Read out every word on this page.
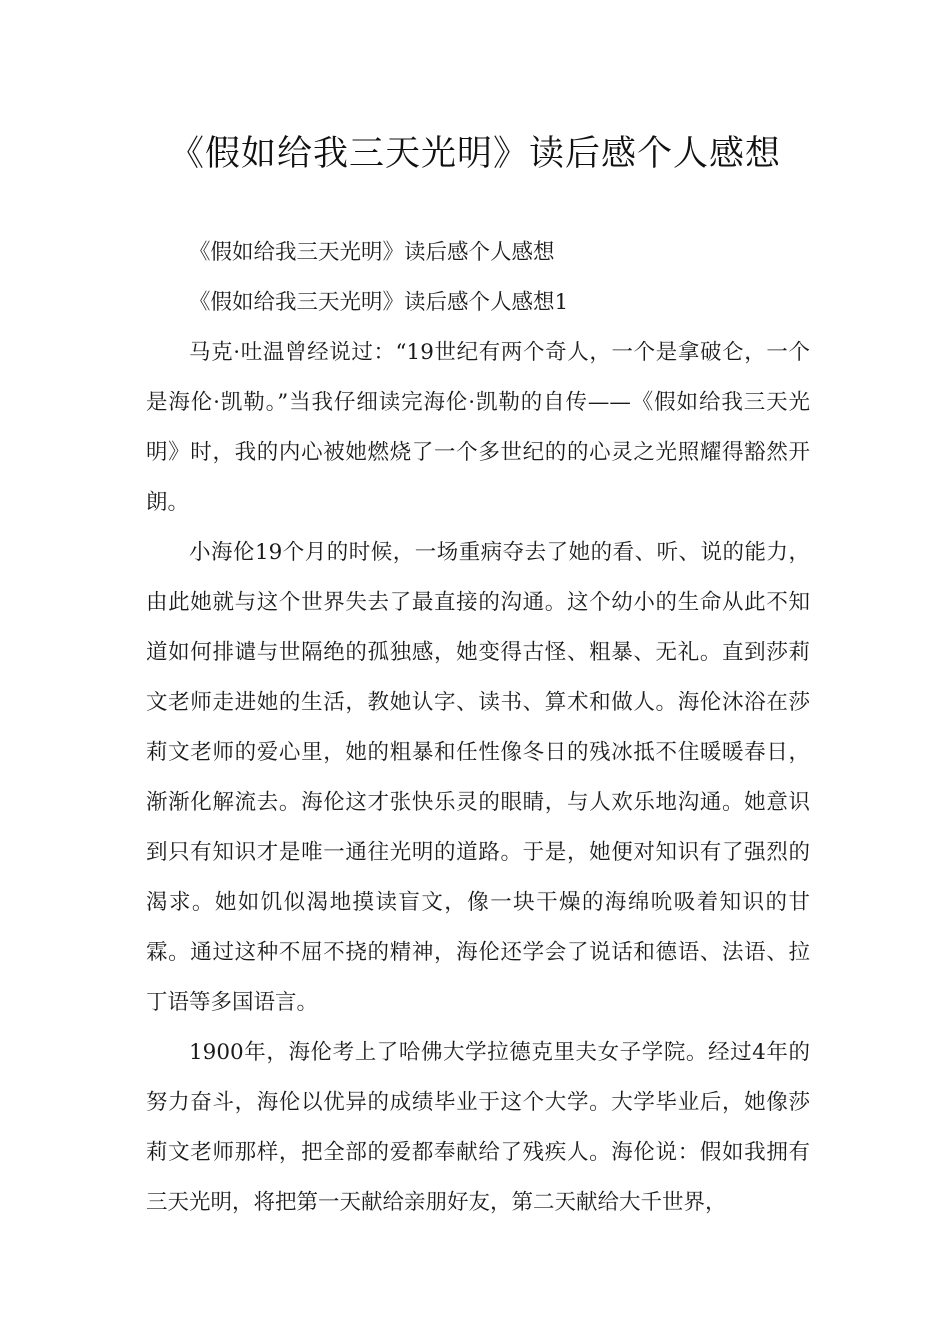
《假如给我三天光明》读后感个人感想

《假如给我三天光明》读后感个人感想

《假如给我三天光明》读后感个人感想1

马克·吐温曾经说过：“19世纪有两个奇人，一个是拿破仑，一个是海伦·凯勒。”当我仔细读完海伦·凯勒的自传——《假如给我三天光明》时，我的内心被她燃烧了一个多世纪的的心灵之光照耀得豁然开朗。

小海伦19个月的时候，一场重病夺去了她的看、听、说的能力，由此她就与这个世界失去了最直接的沟通。这个幼小的生命从此不知道如何排谴与世隔绝的孤独感，她变得古怪、粗暴、无礼。直到莎莉文老师走进她的生活，教她认字、读书、算术和做人。海伦沐浴在莎莉文老师的爱心里，她的粗暴和任性像冬日的残冰抵不住暖暖春日，渐渐化解流去。海伦这才张快乐灵的眼睛，与人欢乐地沟通。她意识到只有知识才是唯一通往光明的道路。于是，她便对知识有了强烈的渴求。她如饥似渴地摸读盲文，像一块干燥的海绵吮吸着知识的甘霖。通过这种不屈不挠的精神，海伦还学会了说话和德语、法语、拉丁语等多国语言。

1900年，海伦考上了哈佛大学拉德克里夫女子学院。经过4年的努力奋斗，海伦以优异的成绩毕业于这个大学。大学毕业后，她像莎莉文老师那样，把全部的爱都奉献给了残疾人。海伦说：假如我拥有三天光明，将把第一天献给亲朋好友，第二天献给大千世界，
